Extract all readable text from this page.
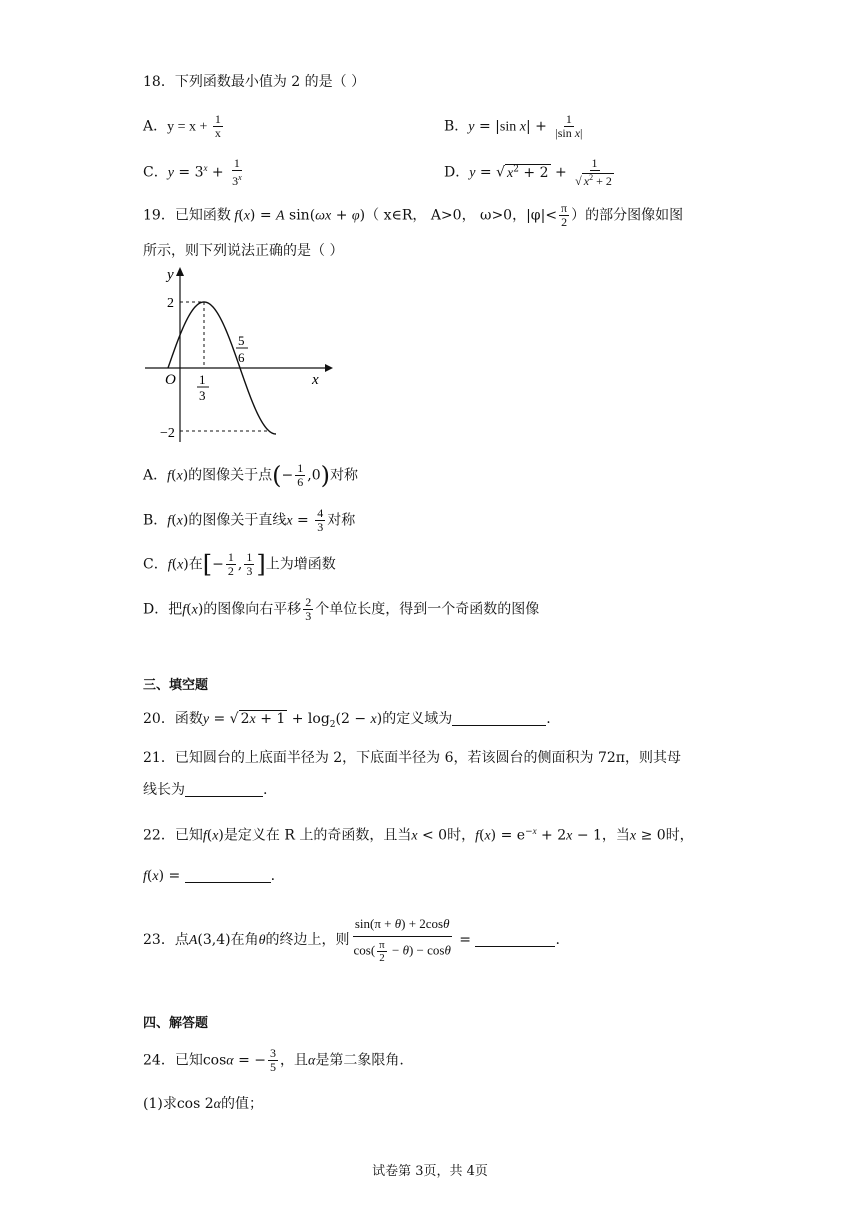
18．下列函数最小值为 2 的是（ ）
A．$y = x + \frac{1}{x}$	B．y = |sin $x| + \frac{1}{\text{|sin x|}}$
C．$y = 3^x + \frac{1}{3^x}$	D．y = √ $x^2 + 2 + \frac{1}{√ x^2 + 2}$
19．已知函数 f(x) = A sin(ωx + φ)（ x∈R， A>0， ω>0，$|\varphi|< \frac{\pi}{2}$ ）的部分图像如图
所示，则下列说法正确的是（ ）
y
x
O
2
−2
1
3
5
6
A．f(x)的图像关于点(− $\frac{1}{6} ,0$)对称
B．f(x)的图像关于直线$x = \frac{4}{3}$ 对称
C．f(x)在[− $\frac{1}{2}$ , $\frac{1}{3}$ ]上为增函数
D．把f(x)的图像向右平移 $\frac{2}{3}$ 个单位长度，得到一个奇函数的图像
三、填空题
20．函数y = √ $2x + 1 + \log_2(2 - x)$的定义域为	.
21．已知圆台的上底面半径为 2，下底面半径为 6，若该圆台的侧面积为 72π，则其母
线长为	.
22．已知f(x)是定义在 R 上的奇函数，且当x < 0时，$f(x) = e^{-x} + 2x - 1$，当x ≥ 0时，
f(x) =	.
23．点A(3,4)在角θ的终边上，则 $\frac{\sin(\pi + \theta) + 2\cos\theta}{\cos( \frac{\pi}{2} - \theta) - \cos\theta}$ =	.
四、解答题
24．已知cosα = − $\frac{3}{5}$ ，且α是第二象限角.
(1)求cos 2α的值；
试卷第 3页，共 4页
